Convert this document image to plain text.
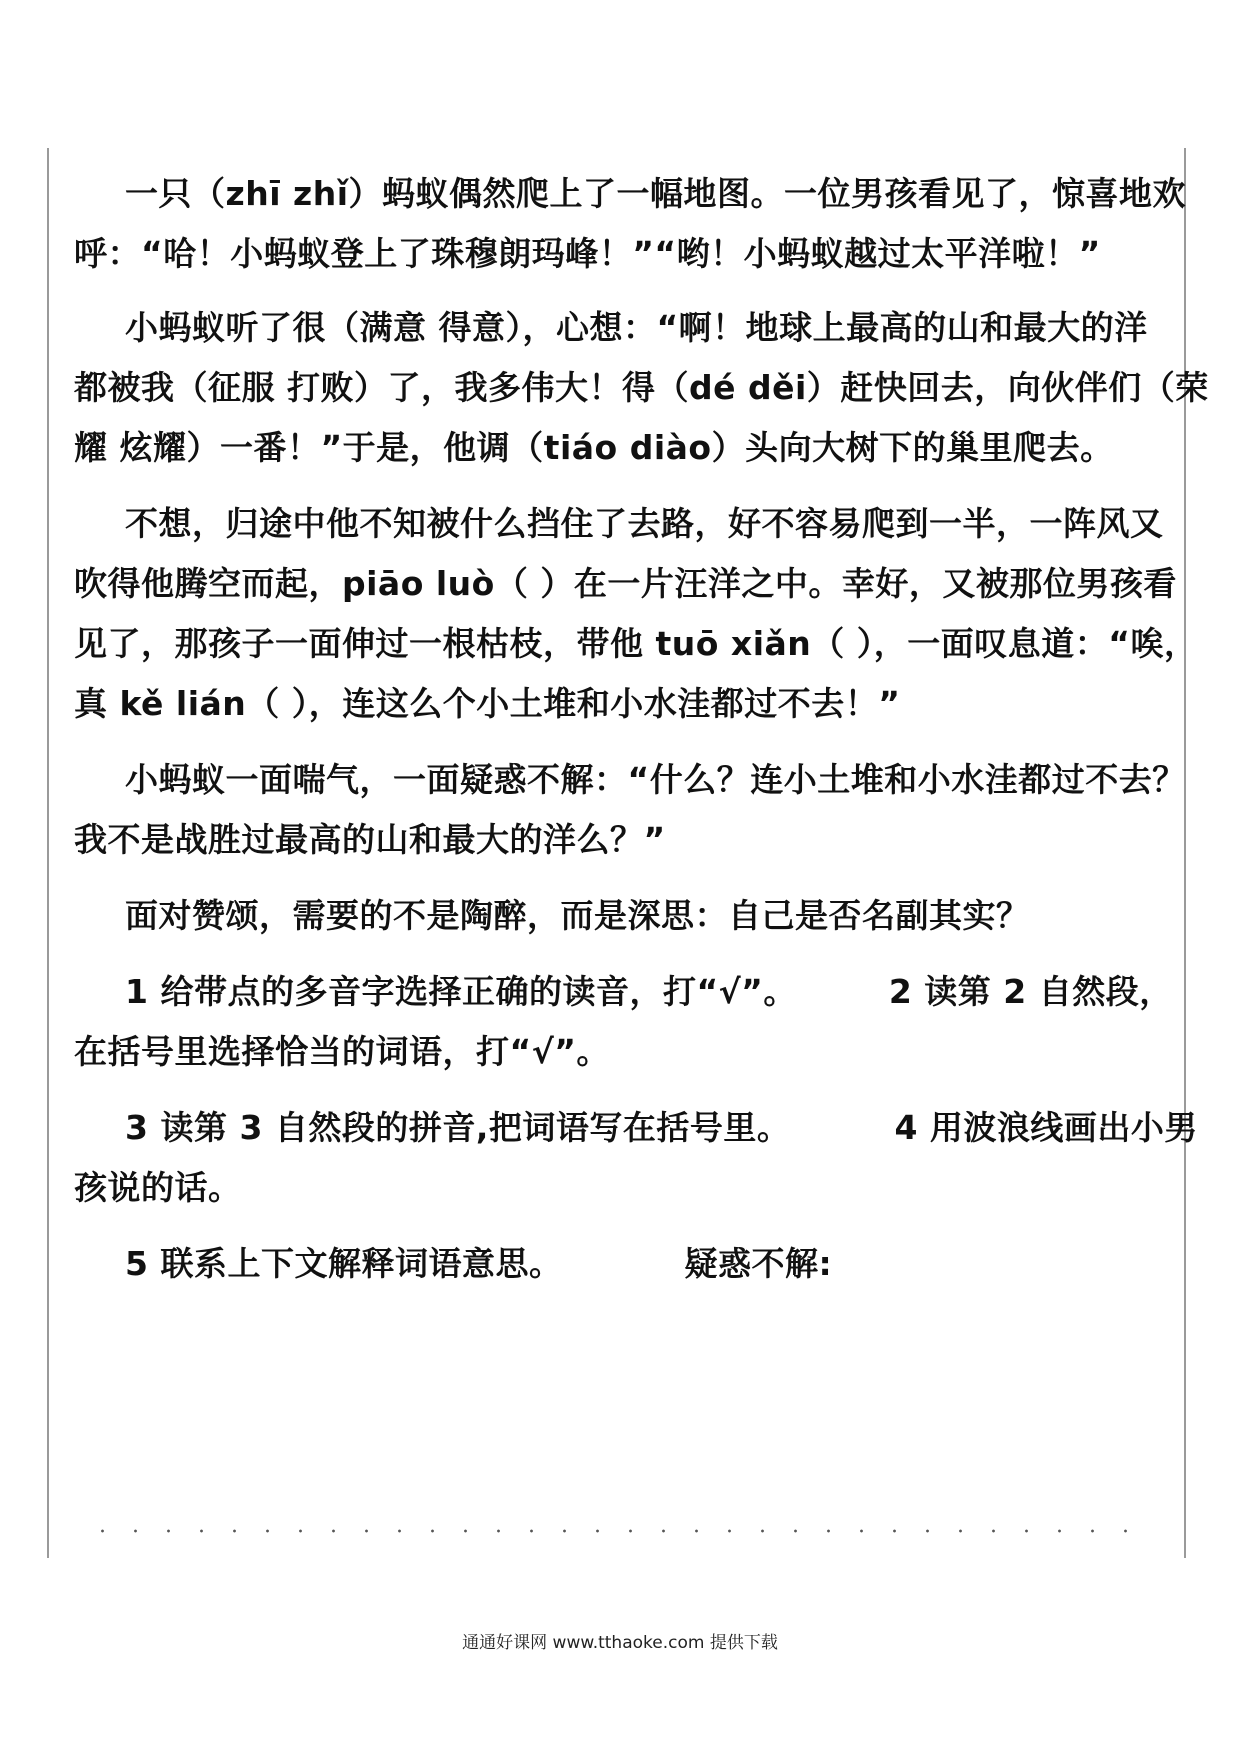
一只（zhī zhǐ）蚂蚁偶然爬上了一幅地图。一位男孩看见了，惊喜地欢
呼：“哈！小蚂蚁登上了珠穆朗玛峰！”“哟！小蚂蚁越过太平洋啦！”
小蚂蚁听了很（满意 得意），心想：“啊！地球上最高的山和最大的洋
都被我（征服 打败）了，我多伟大！得（dé děi）赶快回去，向伙伴们（荣
耀 炫耀）一番！”于是，他调（tiáo diào）头向大树下的巢里爬去。
不想，归途中他不知被什么挡住了去路，好不容易爬到一半，一阵风又
吹得他腾空而起，piāo luò（ ）在一片汪洋之中。幸好，又被那位男孩看
见了，那孩子一面伸过一根枯枝，带他 tuō xiǎn（ ），一面叹息道：“唉，
真 kě lián（ ），连这么个小土堆和小水洼都过不去！”
小蚂蚁一面喘气，一面疑惑不解：“什么？连小土堆和小水洼都过不去？
我不是战胜过最高的山和最大的洋么？”
面对赞颂，需要的不是陶醉，而是深思：自己是否名副其实？
1 给带点的多音字选择正确的读音，打“√”。	2 读第 2 自然段，
在括号里选择恰当的词语，打“√”。
3 读第 3 自然段的拼音,把词语写在括号里。	4 用波浪线画出小男
孩说的话。
5 联系上下文解释词语意思。	疑惑不解:
通通好课网 www.tthaoke.com 提供下载
